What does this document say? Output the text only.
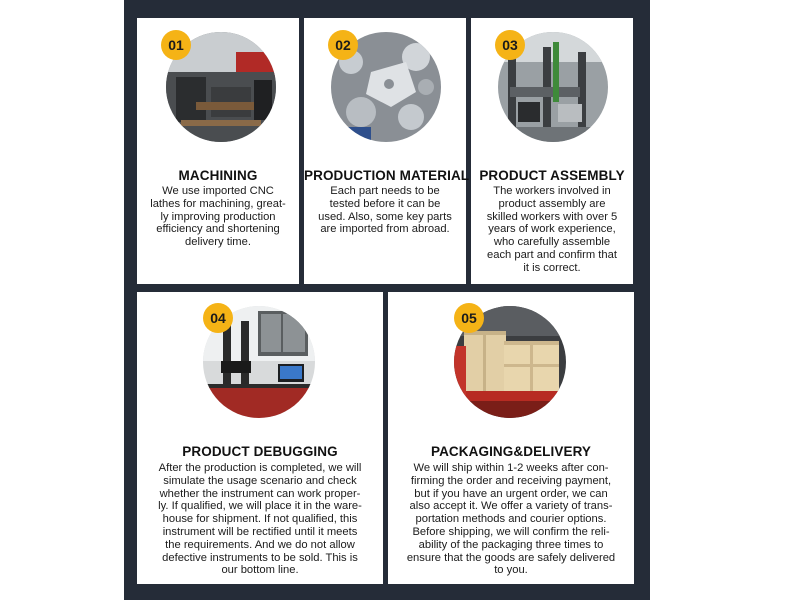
01
MACHINING
We use imported CNC
lathes for machining, great-
ly improving production
efficiency and shortening
delivery time.
02
PRODUCTION MATERIAL
Each part needs to be
tested before it can be
used. Also, some key parts
are imported from abroad.
03
PRODUCT ASSEMBLY
The workers involved in
product assembly are
skilled workers with over 5
years of work experience,
who carefully assemble
each part and confirm that
it is correct.
04
PRODUCT DEBUGGING
After the production is completed, we will
simulate the usage scenario and check
whether the instrument can work proper-
ly. If qualified, we will place it in the ware-
house for shipment. If not qualified, this
instrument will be rectified until it meets
the requirements. And we do not allow
defective instruments to be sold. This is
our bottom line.
05
PACKAGING&DELIVERY
We will ship within 1-2 weeks after con-
firming the order and receiving payment,
but if you have an urgent order, we can
also accept it. We offer a variety of trans-
portation methods and courier options.
Before shipping, we will confirm the reli-
ability of the packaging three times to
ensure that the goods are safely delivered
to you.
